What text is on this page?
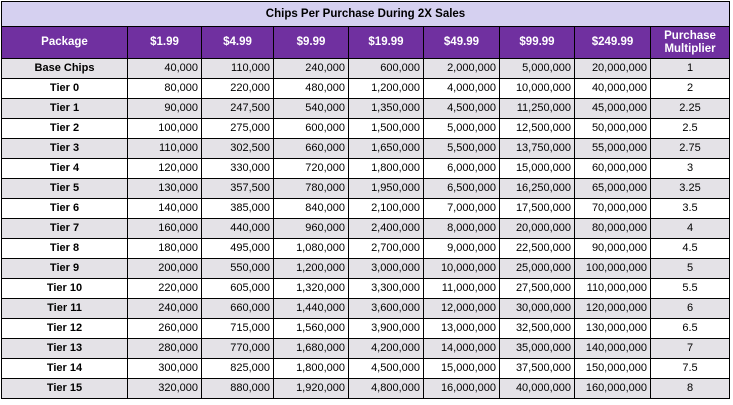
Chips Per Purchase During 2X Sales								
Package	$1.99	$4.99	$9.99	$19.99	$49.99	$99.99	$249.99	Purchase Multiplier
Base Chips	40,000	110,000	240,000	600,000	2,000,000	5,000,000	20,000,000	1
Tier 0	80,000	220,000	480,000	1,200,000	4,000,000	10,000,000	40,000,000	2
Tier 1	90,000	247,500	540,000	1,350,000	4,500,000	11,250,000	45,000,000	2.25
Tier 2	100,000	275,000	600,000	1,500,000	5,000,000	12,500,000	50,000,000	2.5
Tier 3	110,000	302,500	660,000	1,650,000	5,500,000	13,750,000	55,000,000	2.75
Tier 4	120,000	330,000	720,000	1,800,000	6,000,000	15,000,000	60,000,000	3
Tier 5	130,000	357,500	780,000	1,950,000	6,500,000	16,250,000	65,000,000	3.25
Tier 6	140,000	385,000	840,000	2,100,000	7,000,000	17,500,000	70,000,000	3.5
Tier 7	160,000	440,000	960,000	2,400,000	8,000,000	20,000,000	80,000,000	4
Tier 8	180,000	495,000	1,080,000	2,700,000	9,000,000	22,500,000	90,000,000	4.5
Tier 9	200,000	550,000	1,200,000	3,000,000	10,000,000	25,000,000	100,000,000	5
Tier 10	220,000	605,000	1,320,000	3,300,000	11,000,000	27,500,000	110,000,000	5.5
Tier 11	240,000	660,000	1,440,000	3,600,000	12,000,000	30,000,000	120,000,000	6
Tier 12	260,000	715,000	1,560,000	3,900,000	13,000,000	32,500,000	130,000,000	6.5
Tier 13	280,000	770,000	1,680,000	4,200,000	14,000,000	35,000,000	140,000,000	7
Tier 14	300,000	825,000	1,800,000	4,500,000	15,000,000	37,500,000	150,000,000	7.5
Tier 15	320,000	880,000	1,920,000	4,800,000	16,000,000	40,000,000	160,000,000	8
